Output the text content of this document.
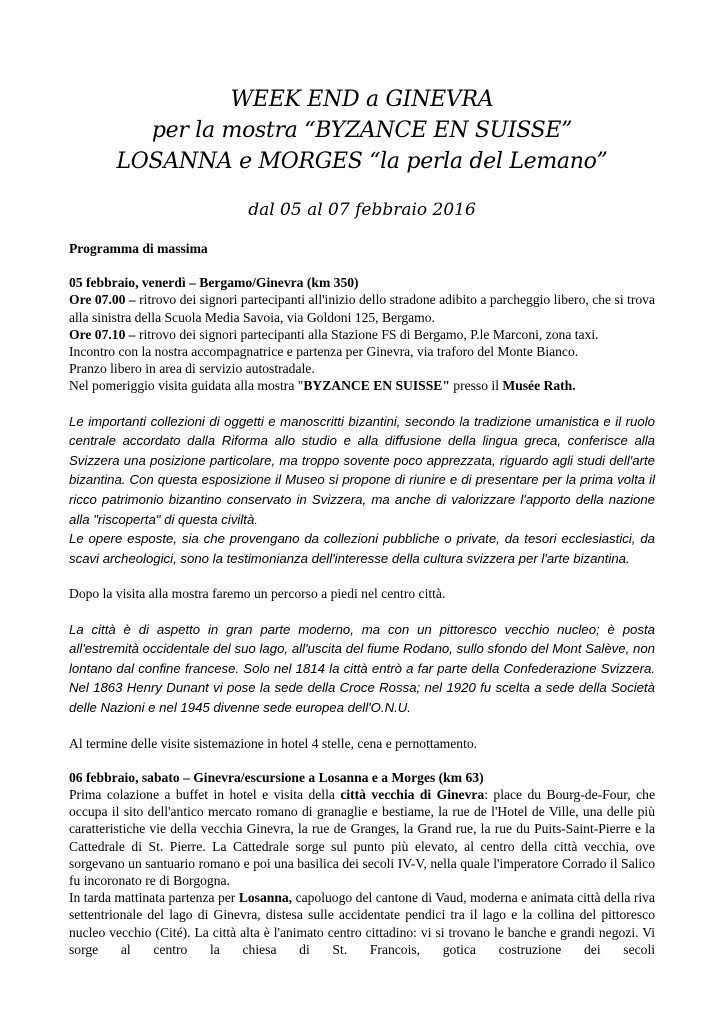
WEEK END a GINEVRA
per la mostra “BYZANCE EN SUISSE”
LOSANNA e MORGES “la perla del Lemano”
dal 05 al 07 febbraio 2016

Programma di massima

05 febbraio, venerdì – Bergamo/Ginevra (km 350)

Ore 07.00 – ritrovo dei signori partecipanti all'inizio dello stradone adibito a parcheggio libero, che si trova alla sinistra della Scuola Media Savoia, via Goldoni 125, Bergamo.

Ore 07.10 – ritrovo dei signori partecipanti alla Stazione FS di Bergamo, P.le Marconi, zona taxi.

Incontro con la nostra accompagnatrice e partenza per Ginevra, via traforo del Monte Bianco.

Pranzo libero in area di servizio autostradale.

Nel pomeriggio visita guidata alla mostra "BYZANCE EN SUISSE" presso il Musée Rath.

Le importanti collezioni di oggetti e manoscritti bizantini, secondo la tradizione umanistica e il ruolo centrale accordato dalla Riforma allo studio e alla diffusione della lingua greca, conferisce alla Svizzera una posizione particolare, ma troppo sovente poco apprezzata, riguardo agli studi dell'arte bizantina. Con questa esposizione il Museo si propone di riunire e di presentare per la prima volta il ricco patrimonio bizantino conservato in Svizzera, ma anche di valorizzare l'apporto della nazione alla "riscoperta" di questa civiltà.

Le opere esposte, sia che provengano da collezioni pubbliche o private, da tesori ecclesiastici, da scavi archeologici, sono la testimonianza dell'interesse della cultura svizzera per l'arte bizantina.

Dopo la visita alla mostra faremo un percorso a piedi nel centro città.

La città è di aspetto in gran parte moderno, ma con un pittoresco vecchio nucleo; è posta all'estremità occidentale del suo lago, all'uscita del fiume Rodano, sullo sfondo del Mont Salève, non lontano dal confine francese. Solo nel 1814 la città entrò a far parte della Confederazione Svizzera. Nel 1863 Henry Dunant vi pose la sede della Croce Rossa; nel 1920 fu scelta a sede della Società delle Nazioni e nel 1945 divenne sede europea dell'O.N.U.

Al termine delle visite sistemazione in hotel 4 stelle, cena e pernottamento.

06 febbraio, sabato – Ginevra/escursione a Losanna e a Morges (km 63)

Prima colazione a buffet in hotel e visita della città vecchia di Ginevra: place du Bourg-de-Four, che occupa il sito dell'antico mercato romano di granaglie e bestiame, la rue de l'Hotel de Ville, una delle più caratteristiche vie della vecchia Ginevra, la rue de Granges, la Grand rue, la rue du Puits-Saint-Pierre e la Cattedrale di St. Pierre. La Cattedrale sorge sul punto più elevato, al centro della città vecchia, ove sorgevano un santuario romano e poi una basilica dei secoli IV-V, nella quale l'imperatore Corrado il Salico fu incoronato re di Borgogna.

In tarda mattinata partenza per Losanna, capoluogo del cantone di Vaud, moderna e animata città della riva settentrionale del lago di Ginevra, distesa sulle accidentate pendici tra il lago e la collina del pittoresco nucleo vecchio (Cité). La città alta è l'animato centro cittadino: vi si trovano le banche e grandi negozi. Vi sorge al centro la chiesa di St. Francois, gotica costruzione dei secoli
